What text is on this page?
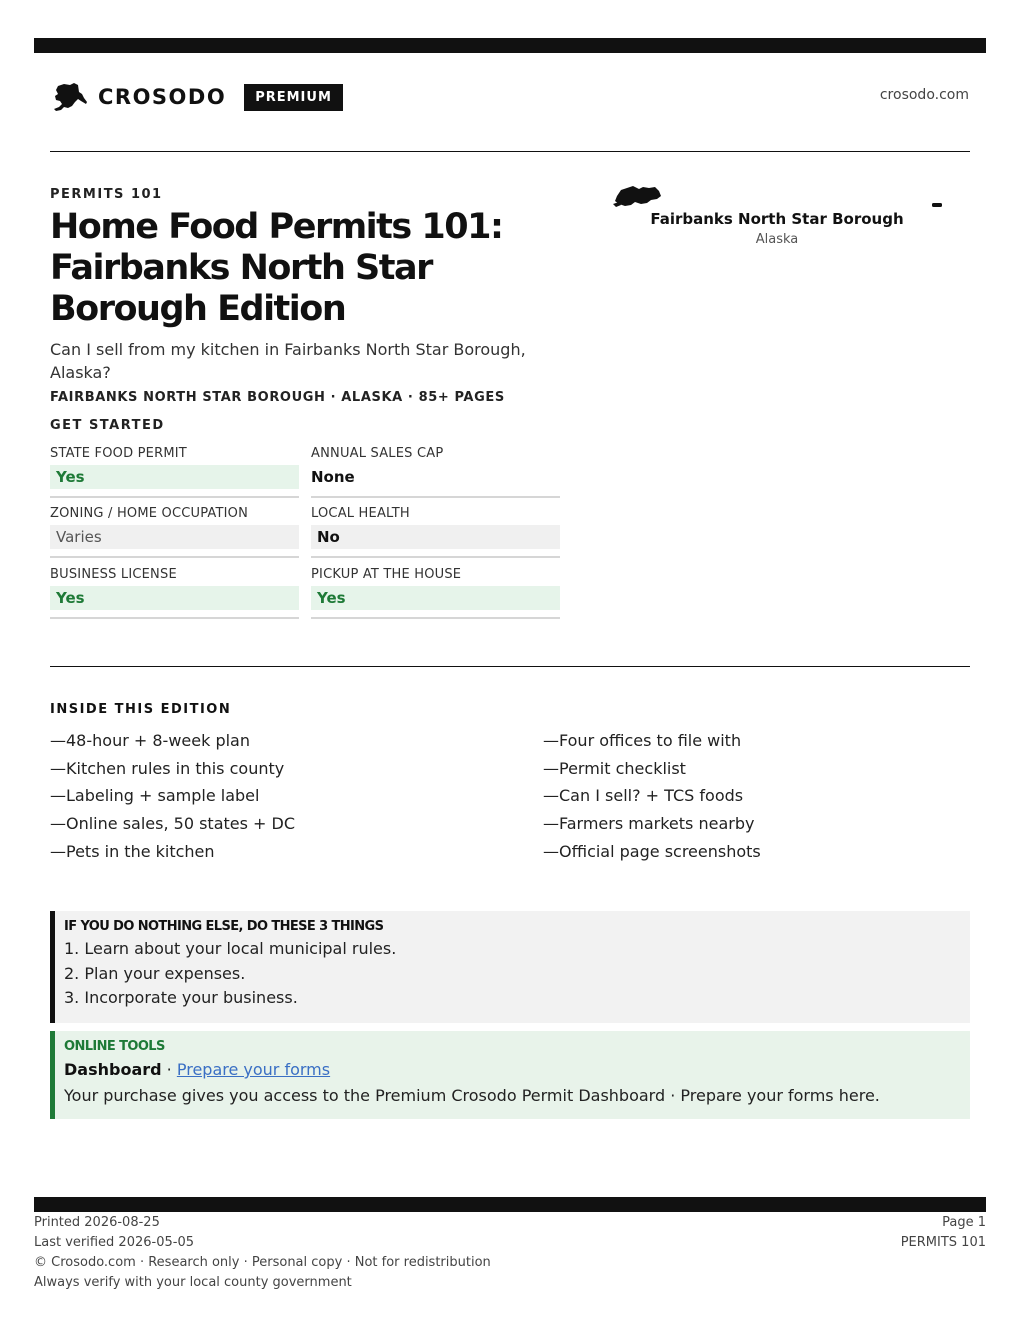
CROSODO	PREMIUM	crosodo.com
PERMITS 101
Home Food Permits 101: Fairbanks North Star Borough Edition

Can I sell from my kitchen in Fairbanks North Star Borough, Alaska?

FAIRBANKS NORTH STAR BOROUGH · ALASKA · 85+ PAGES
GET STARTED
STATE FOOD PERMIT
Yes
ANNUAL SALES CAP
None
ZONING / HOME OCCUPATION
Varies
LOCAL HEALTH
No
BUSINESS LICENSE
Yes
PICKUP AT THE HOUSE
Yes
Fairbanks North Star Borough
Alaska
INSIDE THIS EDITION
—48-hour + 8-week plan
—Kitchen rules in this county
—Labeling + sample label
—Online sales, 50 states + DC
—Pets in the kitchen
—Four offices to file with
—Permit checklist
—Can I sell? + TCS foods
—Farmers markets nearby
—Official page screenshots
IF YOU DO NOTHING ELSE, DO THESE 3 THINGS
1. Learn about your local municipal rules.
2. Plan your expenses.
3. Incorporate your business.
ONLINE TOOLS
Dashboard · Prepare your forms
Your purchase gives you access to the Premium Crosodo Permit Dashboard · Prepare your forms here.
Printed 2026-08-25
Last verified 2026-05-05
© Crosodo.com · Research only · Personal copy · Not for redistribution
Always verify with your local county government
Page 1
PERMITS 101
